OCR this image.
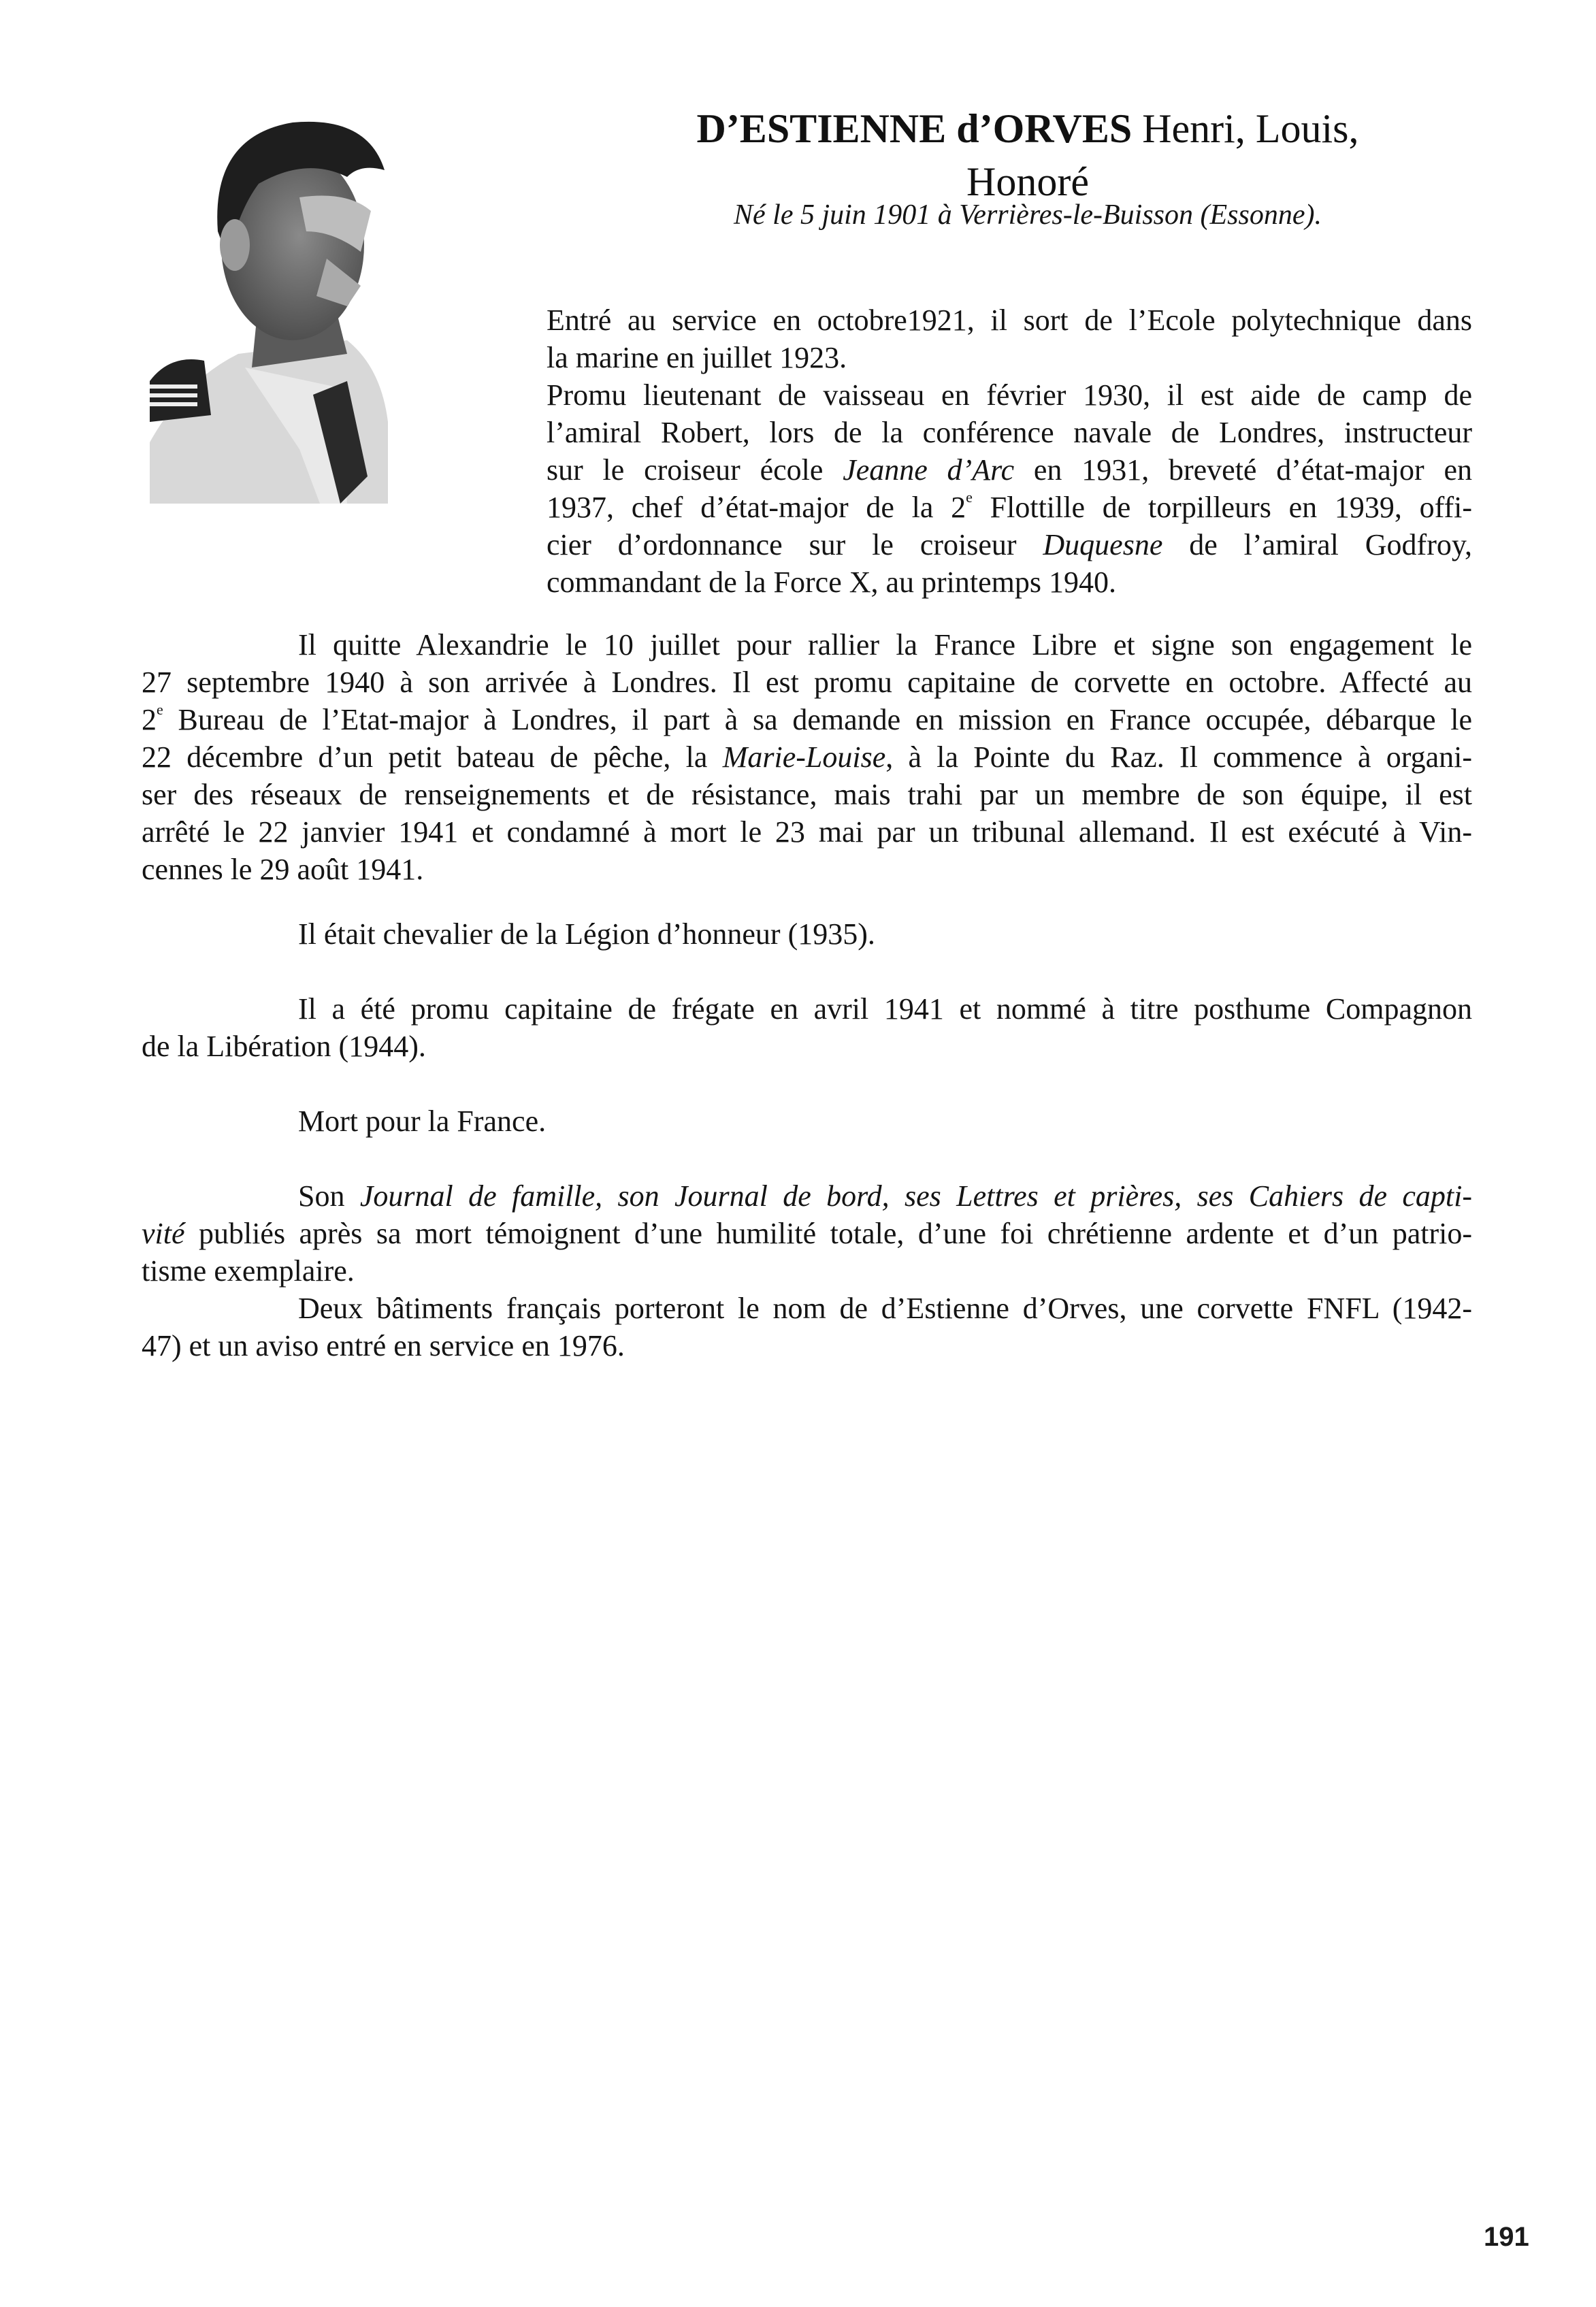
D’ESTIENNE d’ORVES Henri, Louis,
Honoré
Né le 5 juin 1901 à Verrières-le-Buisson (Essonne).
Entré au service en octobre1921, il sort de l’Ecole polytechnique dans
la marine en juillet 1923.
Promu lieutenant de vaisseau en février 1930, il est aide de camp de
l’amiral Robert, lors de la conférence navale de Londres, instructeur
sur le croiseur école Jeanne d’Arc en 1931, breveté d’état-major en
1937, chef d’état-major de la 2e Flottille de torpilleurs en 1939, offi-
cier d’ordonnance sur le croiseur Duquesne de l’amiral Godfroy,
commandant de la Force X, au printemps 1940.
Il quitte Alexandrie le 10 juillet pour rallier la France Libre et signe son engagement le
27 septembre 1940 à son arrivée à Londres. Il est promu capitaine de corvette en octobre. Affecté au
2e Bureau de l’Etat-major à Londres, il part à sa demande en mission en France occupée, débarque le
22 décembre d’un petit bateau de pêche, la Marie-Louise, à la Pointe du Raz. Il commence à organi-
ser des réseaux de renseignements et de résistance, mais trahi par un membre de son équipe, il est
arrêté le 22 janvier 1941 et condamné à mort le 23 mai par un tribunal allemand. Il est exécuté à Vin-
cennes le 29 août 1941.
Il était chevalier de la Légion d’honneur (1935).
Il a été promu capitaine de frégate en avril 1941 et nommé à titre posthume Compagnon
de la Libération (1944).
Mort pour la France.
Son Journal de famille, son Journal de bord, ses Lettres et prières, ses Cahiers de capti-
vité publiés après sa mort témoignent d’une humilité totale, d’une foi chrétienne ardente et d’un patrio-
tisme exemplaire.
Deux bâtiments français porteront le nom de d’Estienne d’Orves, une corvette FNFL (1942-
47) et un aviso entré en service en 1976.
191
